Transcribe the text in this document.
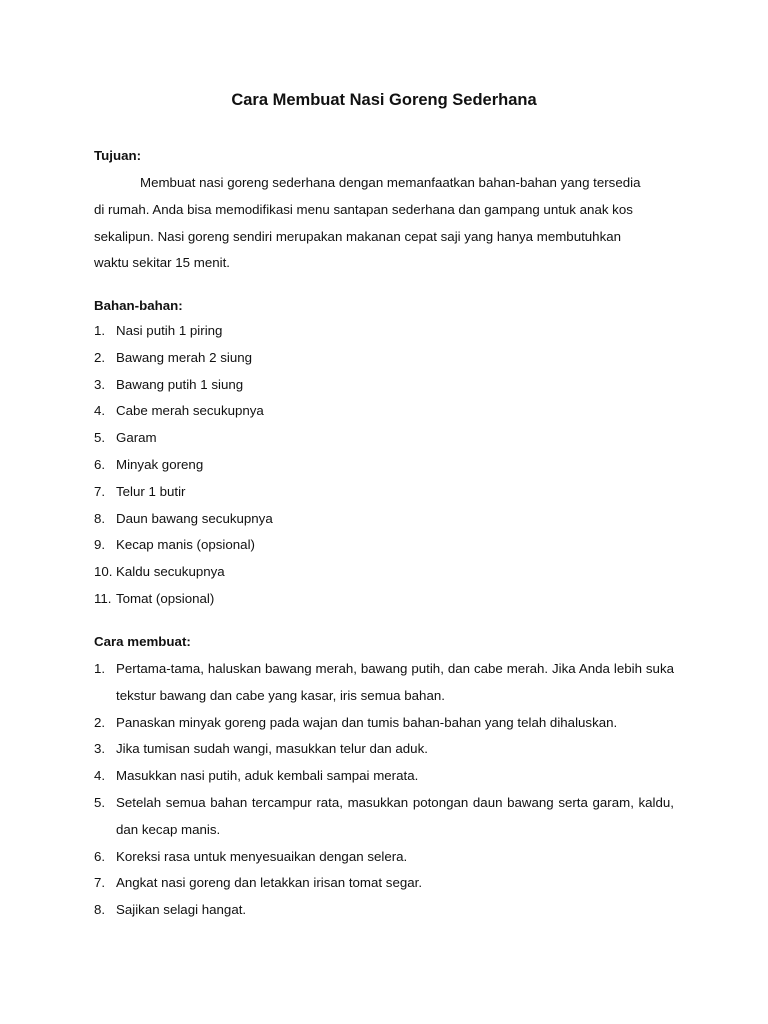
Cara Membuat Nasi Goreng Sederhana
Tujuan:
Membuat nasi goreng sederhana dengan memanfaatkan bahan-bahan yang tersedia
di rumah. Anda bisa memodifikasi menu santapan sederhana dan gampang untuk anak kos
sekalipun. Nasi goreng sendiri merupakan makanan cepat saji yang hanya membutuhkan
waktu sekitar 15 menit.
Bahan-bahan:
1. Nasi putih 1 piring
2. Bawang merah 2 siung
3. Bawang putih 1 siung
4. Cabe merah secukupnya
5. Garam
6. Minyak goreng
7. Telur 1 butir
8. Daun bawang secukupnya
9. Kecap manis (opsional)
10. Kaldu secukupnya
11. Tomat (opsional)
Cara membuat:
1. Pertama-tama, haluskan bawang merah, bawang putih, dan cabe merah. Jika Anda lebih suka tekstur bawang dan cabe yang kasar, iris semua bahan.
2. Panaskan minyak goreng pada wajan dan tumis bahan-bahan yang telah dihaluskan.
3. Jika tumisan sudah wangi, masukkan telur dan aduk.
4. Masukkan nasi putih, aduk kembali sampai merata.
5. Setelah semua bahan tercampur rata, masukkan potongan daun bawang serta garam, kaldu, dan kecap manis.
6. Koreksi rasa untuk menyesuaikan dengan selera.
7. Angkat nasi goreng dan letakkan irisan tomat segar.
8. Sajikan selagi hangat.
